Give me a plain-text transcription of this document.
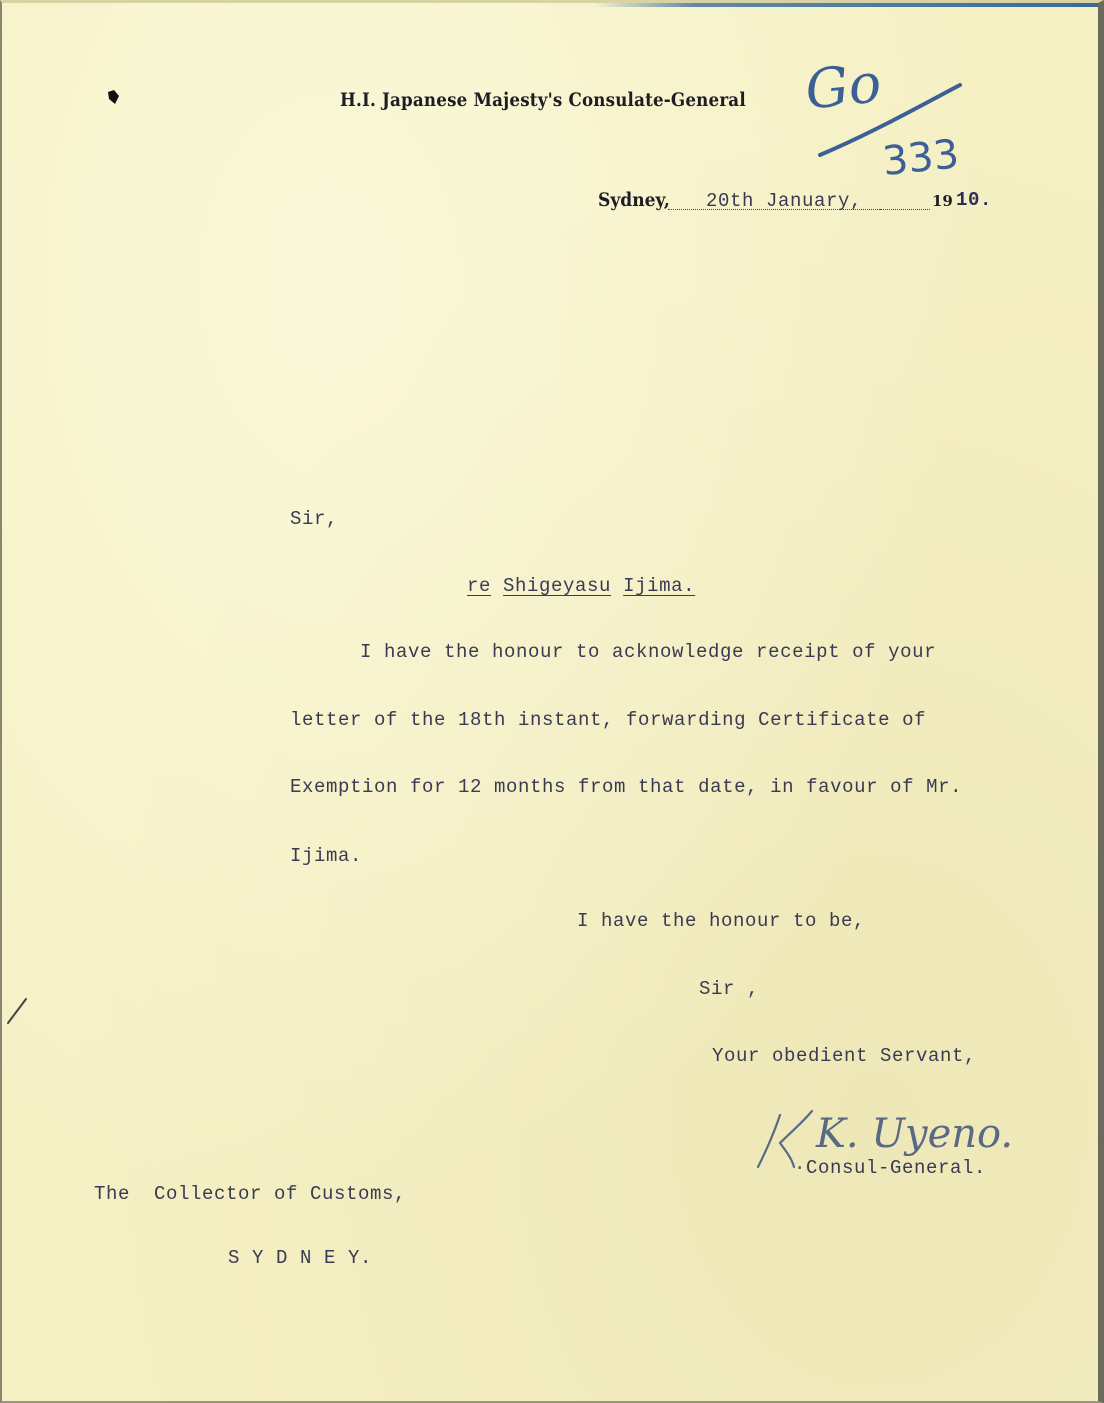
H.I. Japanese Majesty's Consulate-General Go
333
Sydney, 20th January,	19 10.
Sir,
re Shigeyasu Ijima.
I have the honour to acknowledge receipt of your
letter of the 18th instant, forwarding Certificate of
Exemption for 12 months from that date, in favour of Mr.
Ijima.
I have the honour to be,
Sir ,
Your obedient Servant,
K. Uyeno.
·Consul-General.
The  Collector of Customs,
S Y D N E Y.
